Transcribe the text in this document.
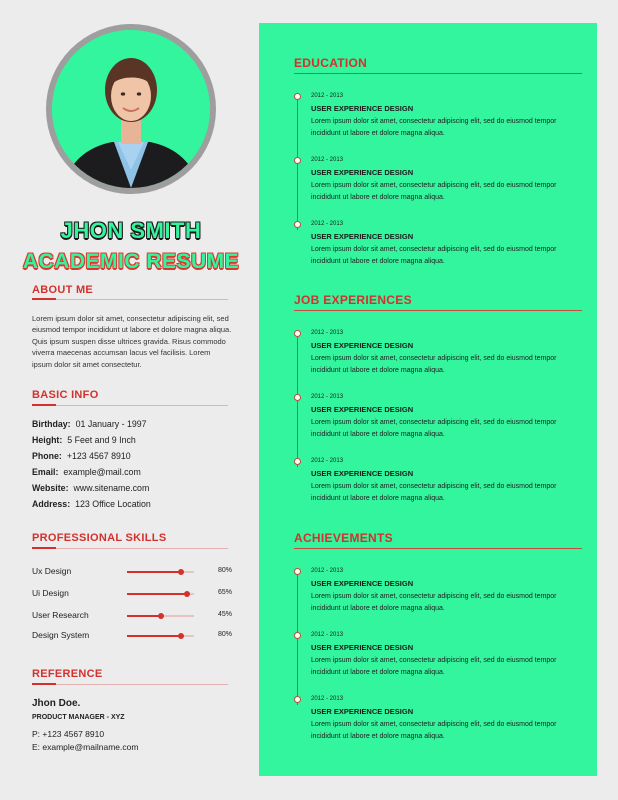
JHON SMITH
ACADEMIC RESUME
ABOUT ME
Lorem ipsum dolor sit amet, consectetur adipiscing elit, sed eiusmod tempor incididunt ut labore et dolore magna aliqua. Quis ipsum suspen disse ultrices gravida. Risus commodo viverra maecenas accumsan lacus vel facilisis. Lorem ipsum dolor sit amet consectetur.
BASIC INFO
Birthday: 01 January - 1997
Height: 5 Feet and 9 Inch
Phone: +123 4567 8910
Email: example@mail.com
Website: www.sitename.com
Address: 123 Office Location
PROFESSIONAL SKILLS
Ux Design	80%
Ui Design	65%
User Research	45%
Design System	80%
REFERENCE
Jhon Doe.
PRODUCT MANAGER - XYZ
P: +123 4567 8910
E: example@mailname.com
EDUCATION
2012 - 2013
USER EXPERIENCE DESIGN
Lorem ipsum dolor sit amet, consectetur adipiscing elit, sed do eiusmod tempor incididunt ut labore et dolore magna aliqua.
2012 - 2013
USER EXPERIENCE DESIGN
Lorem ipsum dolor sit amet, consectetur adipiscing elit, sed do eiusmod tempor incididunt ut labore et dolore magna aliqua.
2012 - 2013
USER EXPERIENCE DESIGN
Lorem ipsum dolor sit amet, consectetur adipiscing elit, sed do eiusmod tempor incididunt ut labore et dolore magna aliqua.
JOB EXPERIENCES
2012 - 2013
USER EXPERIENCE DESIGN
Lorem ipsum dolor sit amet, consectetur adipiscing elit, sed do eiusmod tempor incididunt ut labore et dolore magna aliqua.
2012 - 2013
USER EXPERIENCE DESIGN
Lorem ipsum dolor sit amet, consectetur adipiscing elit, sed do eiusmod tempor incididunt ut labore et dolore magna aliqua.
2012 - 2013
USER EXPERIENCE DESIGN
Lorem ipsum dolor sit amet, consectetur adipiscing elit, sed do eiusmod tempor incididunt ut labore et dolore magna aliqua.
ACHIEVEMENTS
2012 - 2013
USER EXPERIENCE DESIGN
Lorem ipsum dolor sit amet, consectetur adipiscing elit, sed do eiusmod tempor incididunt ut labore et dolore magna aliqua.
2012 - 2013
USER EXPERIENCE DESIGN
Lorem ipsum dolor sit amet, consectetur adipiscing elit, sed do eiusmod tempor incididunt ut labore et dolore magna aliqua.
2012 - 2013
USER EXPERIENCE DESIGN
Lorem ipsum dolor sit amet, consectetur adipiscing elit, sed do eiusmod tempor incididunt ut labore et dolore magna aliqua.
